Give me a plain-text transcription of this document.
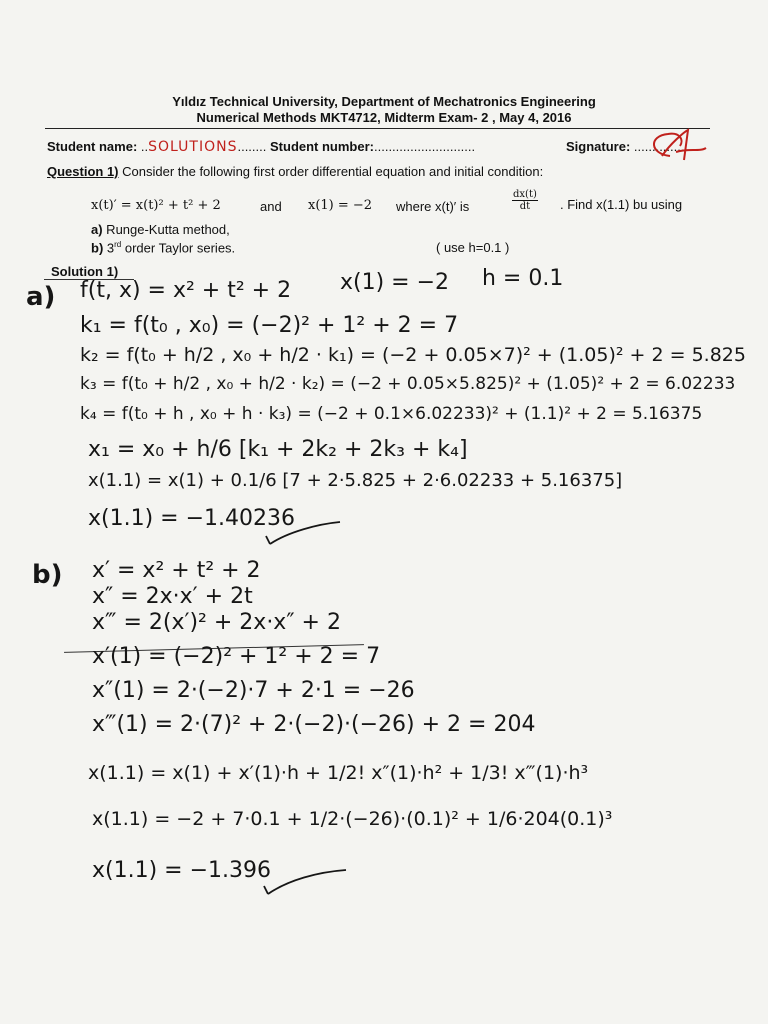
Yıldız Technical University, Department of Mechatronics Engineering
Numerical Methods MKT4712, Midterm Exam- 2 , May 4, 2016
Student name: ..SOLUTIONS........ Student number:............................	Signature: ..............
Question 1) Consider the following first order differential equation and initial condition:
x(t)′ = x(t)² + t² + 2	and x(1) = −2 where x(t)′ is	$\frac{dx(t)}{dt}$ . Find x(1.1) bu using
a) Runge-Kutta method,
b) 3rd order Taylor series.	( use h=0.1 )
Solution 1)
a) f(t, x) = x² + t² + 2 x(1) = −2 h = 0.1
k₁ = f(t₀ , x₀) = (−2)² + 1² + 2 = 7
k₂ = f(t₀ + h/2 , x₀ + h/2 · k₁) = (−2 + 0.05×7)² + (1.05)² + 2 = 5.825
k₃ = f(t₀ + h/2 , x₀ + h/2 · k₂) = (−2 + 0.05×5.825)² + (1.05)² + 2 = 6.02233
k₄ = f(t₀ + h , x₀ + h · k₃) = (−2 + 0.1×6.02233)² + (1.1)² + 2 = 5.16375
x₁ = x₀ + h/6 [k₁ + 2k₂ + 2k₃ + k₄]
x(1.1) = x(1) + 0.1/6 [7 + 2·5.825 + 2·6.02233 + 5.16375]
x(1.1) = −1.40236
b) x′ = x² + t² + 2
x″ = 2x·x′ + 2t
x‴ = 2(x′)² + 2x·x″ + 2
x′(1) = (−2)² + 1² + 2 = 7
x″(1) = 2·(−2)·7 + 2·1 = −26
x‴(1) = 2·(7)² + 2·(−2)·(−26) + 2 = 204
x(1.1) = x(1) + x′(1)·h + 1/2! x″(1)·h² + 1/3! x‴(1)·h³
x(1.1) = −2 + 7·0.1 + 1/2·(−26)·(0.1)² + 1/6·204(0.1)³
x(1.1) = −1.396
